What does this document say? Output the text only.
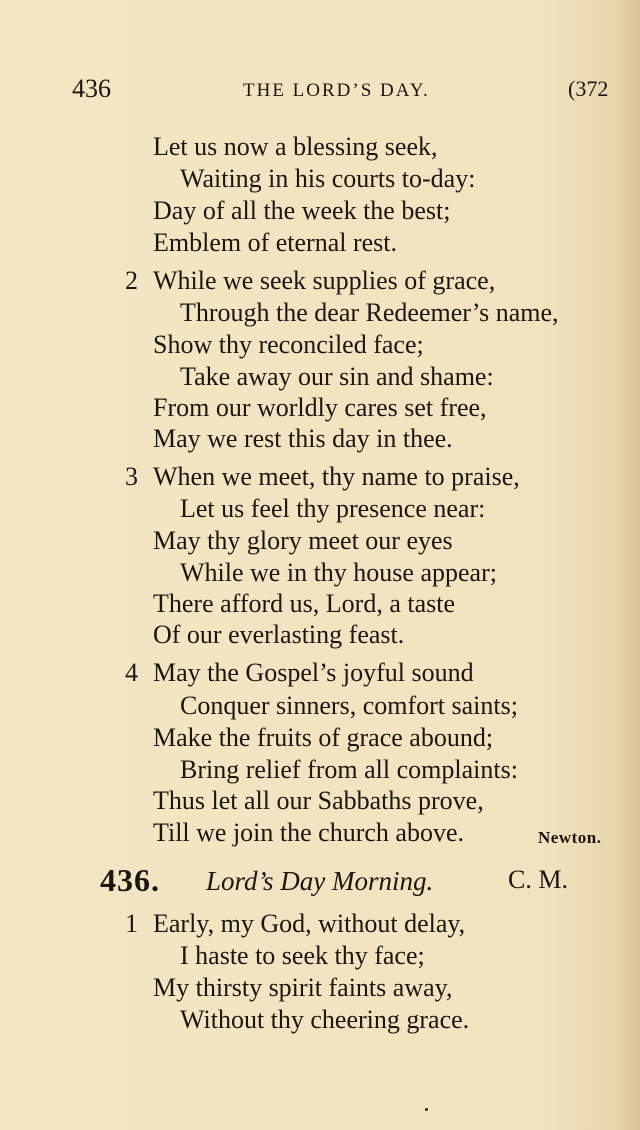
436	THE LORD’S DAY.	(372
Let us now a blessing seek,
Waiting in his courts to-day:
Day of all the week the best;
Emblem of eternal rest.
2 While we seek supplies of grace,
Through the dear Redeemer’s name,
Show thy reconciled face;
Take away our sin and shame:
From our worldly cares set free,
May we rest this day in thee.
3 When we meet, thy name to praise,
Let us feel thy presence near:
May thy glory meet our eyes
While we in thy house appear;
There afford us, Lord, a taste
Of our everlasting feast.
4 May the Gospel’s joyful sound
Conquer sinners, comfort saints;
Make the fruits of grace abound;
Bring relief from all complaints:
Thus let all our Sabbaths prove,
Till we join the church above.	Newton.
436. Lord’s Day Morning.	C. M.
1 Early, my God, without delay,
I haste to seek thy face;
My thirsty spirit faints away,
Without thy cheering grace.
